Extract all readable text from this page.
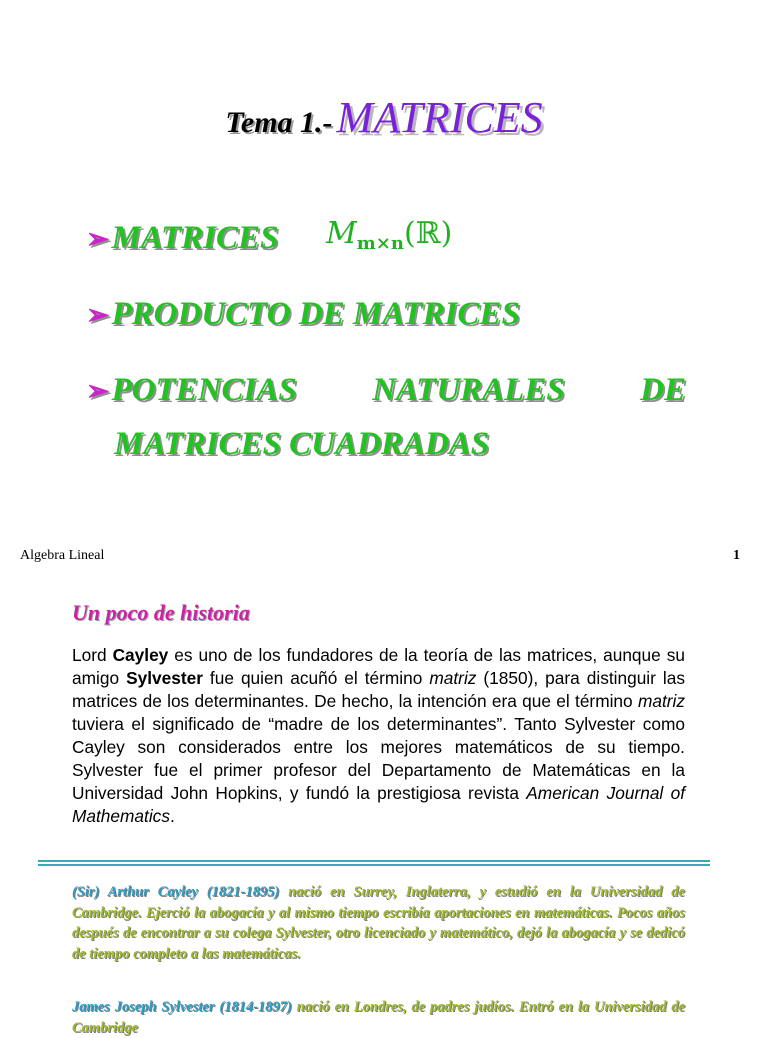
Tema 1.- MATRICES
➢MATRICES $M_{m\times n}(ℝ)$
➢PRODUCTO DE MATRICES
➢POTENCIAS NATURALES DE
MATRICES CUADRADAS
Algebra Lineal	1
Un poco de historia
Lord Cayley es uno de los fundadores de la teoría de las matrices, aunque su amigo Sylvester fue quien acuñó el término matriz (1850), para distinguir las matrices de los determinantes. De hecho, la intención era que el término matriz tuviera el significado de “madre de los determinantes”. Tanto Sylvester como Cayley son considerados entre los mejores matemáticos de su tiempo. Sylvester fue el primer profesor del Departamento de Matemáticas en la Universidad John Hopkins, y fundó la prestigiosa revista American Journal of Mathematics.
(Sir) Arthur Cayley (1821-1895) nació en Surrey, Inglaterra, y estudió en la Universidad de Cambridge. Ejerció la abogacía y al mismo tiempo escribía aportaciones en matemáticas. Pocos años después de encontrar a su colega Sylvester, otro licenciado y matemático, dejó la abogacía y se dedicó de tiempo completo a las matemáticas.
James Joseph Sylvester (1814-1897) nació en Londres, de padres judíos. Entró en la Universidad de Cambridge
